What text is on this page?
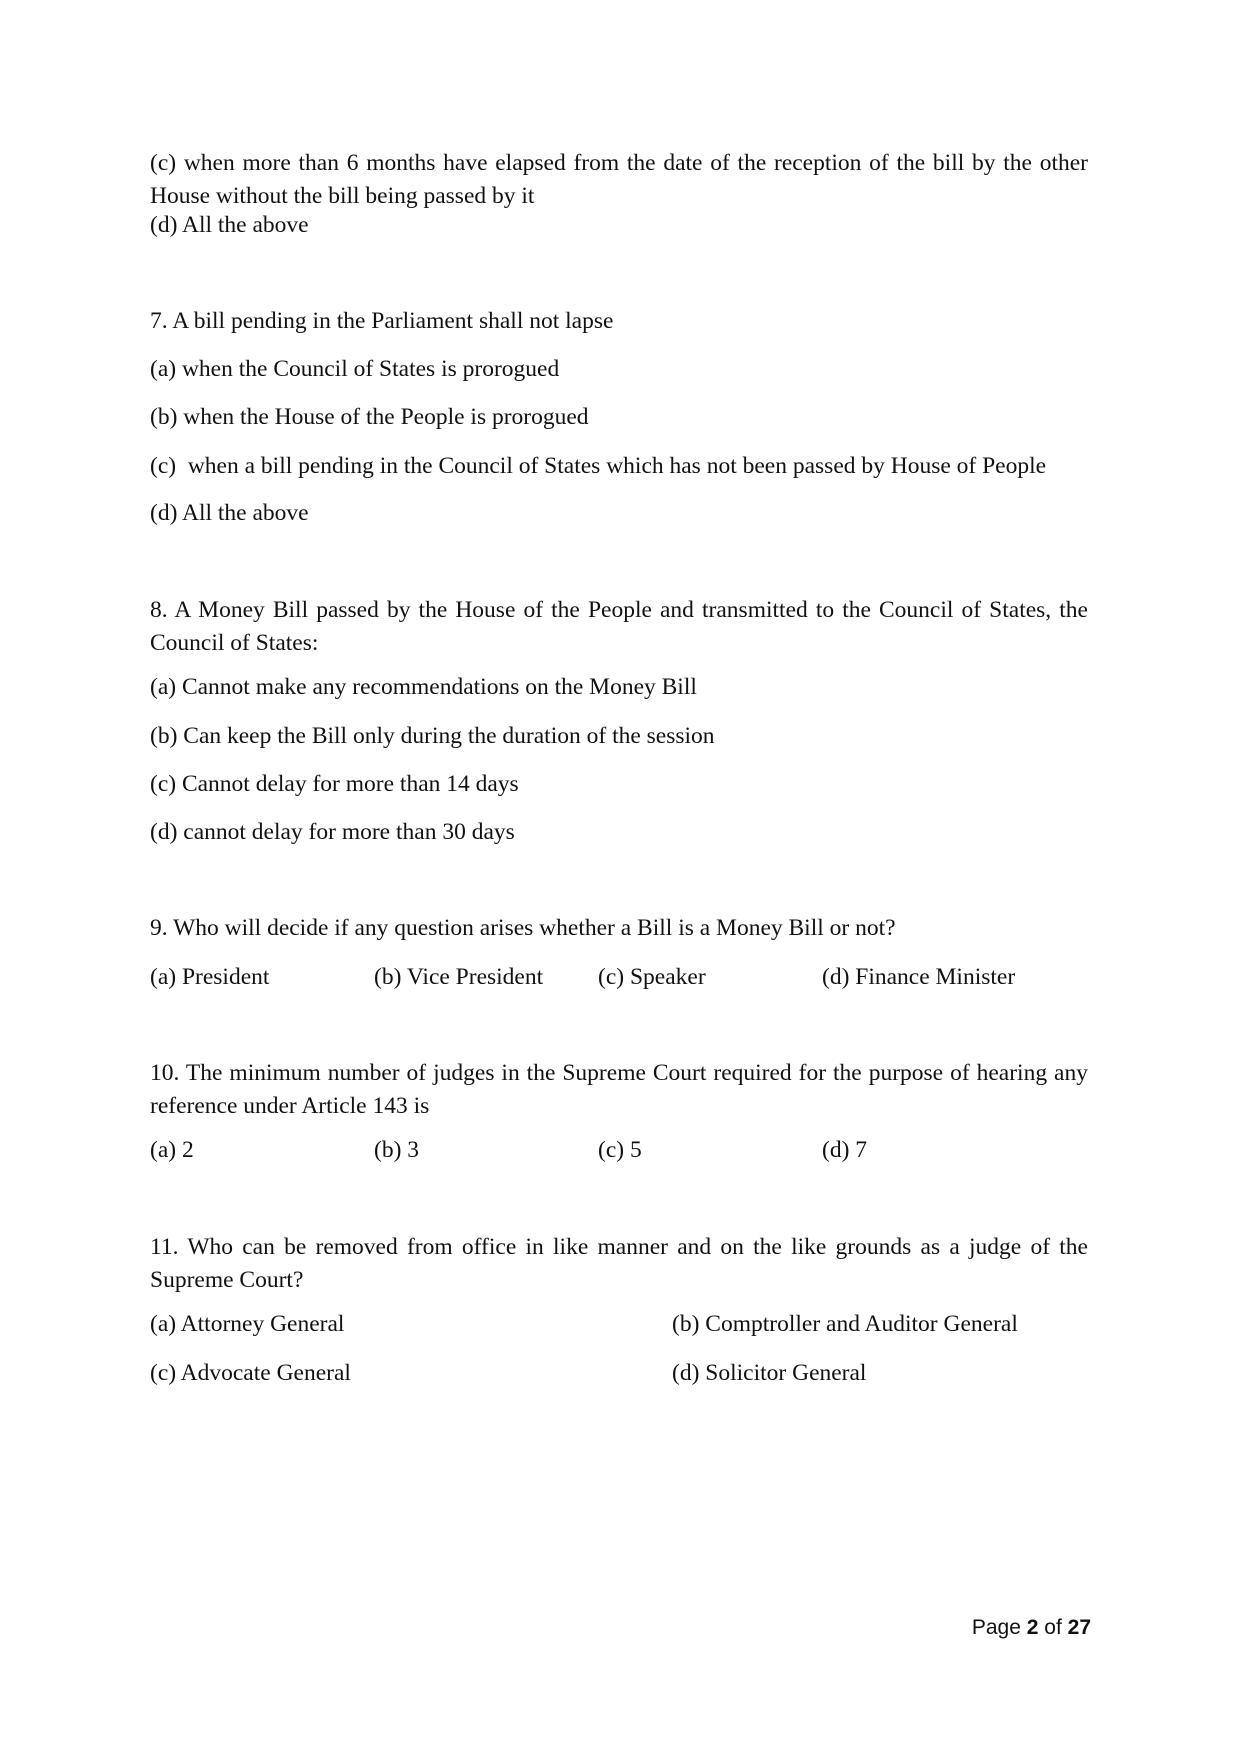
(c) when more than 6 months have elapsed from the date of the reception of the bill by the other House without the bill being passed by it

(d) All the above

7. A bill pending in the Parliament shall not lapse

(a) when the Council of States is prorogued

(b) when the House of the People is prorogued

(c)  when a bill pending in the Council of States which has not been passed by House of People

(d) All the above

8. A Money Bill passed by the House of the People and transmitted to the Council of States, the Council of States:

(a) Cannot make any recommendations on the Money Bill

(b) Can keep the Bill only during the duration of the session

(c) Cannot delay for more than 14 days

(d) cannot delay for more than 30 days

9. Who will decide if any question arises whether a Bill is a Money Bill or not?

(a) President	(b) Vice President (c) Speaker	(d) Finance Minister

10. The minimum number of judges in the Supreme Court required for the purpose of hearing any reference under Article 143 is

(a) 2	(b) 3	(c) 5	(d) 7

11. Who can be removed from office in like manner and on the like grounds as a judge of the Supreme Court?

(a) Attorney General	(b) Comptroller and Auditor General
(c) Advocate General	(d) Solicitor General
Page 2 of 27
